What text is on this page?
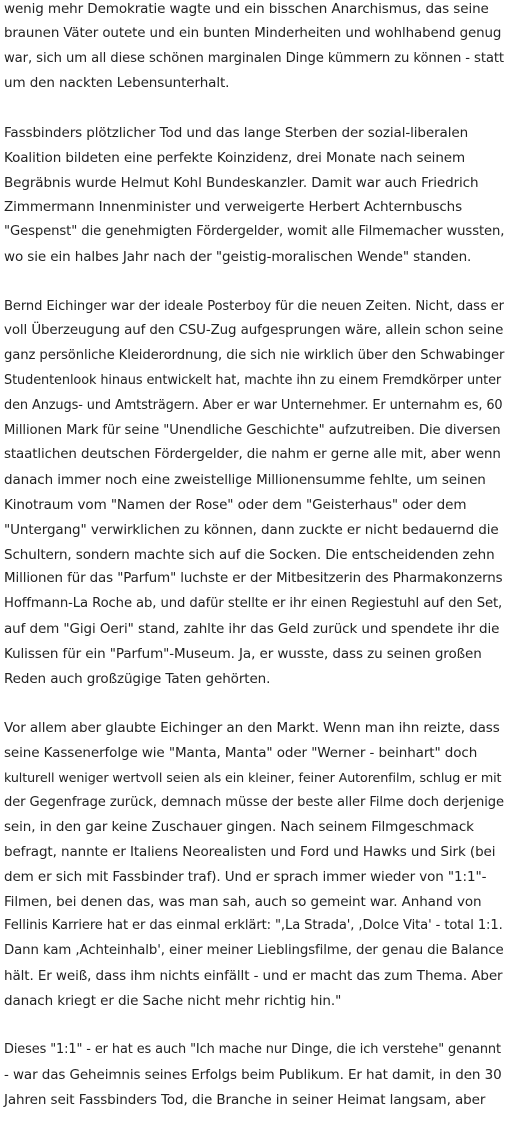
wenig mehr Demokratie wagte und ein bisschen Anarchismus, das seine
braunen Väter outete und ein bunten Minderheiten und wohlhabend genug
war, sich um all diese schönen marginalen Dinge kümmern zu können - statt
um den nackten Lebensunterhalt.

Fassbinders plötzlicher Tod und das lange Sterben der sozial-liberalen
Koalition bildeten eine perfekte Koinzidenz, drei Monate nach seinem
Begräbnis wurde Helmut Kohl Bundeskanzler. Damit war auch Friedrich
Zimmermann Innenminister und verweigerte Herbert Achternbuschs
"Gespenst" die genehmigten Fördergelder, womit alle Filmemacher wussten,
wo sie ein halbes Jahr nach der "geistig-moralischen Wende" standen.

Bernd Eichinger war der ideale Posterboy für die neuen Zeiten. Nicht, dass er
voll Überzeugung auf den CSU-Zug aufgesprungen wäre, allein schon seine
ganz persönliche Kleiderordnung, die sich nie wirklich über den Schwabinger
Studentenlook hinaus entwickelt hat, machte ihn zu einem Fremdkörper unter
den Anzugs- und Amtsträgern. Aber er war Unternehmer. Er unternahm es, 60
Millionen Mark für seine "Unendliche Geschichte" aufzutreiben. Die diversen
staatlichen deutschen Fördergelder, die nahm er gerne alle mit, aber wenn
danach immer noch eine zweistellige Millionensumme fehlte, um seinen
Kinotraum vom "Namen der Rose" oder dem "Geisterhaus" oder dem
"Untergang" verwirklichen zu können, dann zuckte er nicht bedauernd die
Schultern, sondern machte sich auf die Socken. Die entscheidenden zehn
Millionen für das "Parfum" luchste er der Mitbesitzerin des Pharmakonzerns
Hoffmann-La Roche ab, und dafür stellte er ihr einen Regiestuhl auf den Set,
auf dem "Gigi Oeri" stand, zahlte ihr das Geld zurück und spendete ihr die
Kulissen für ein "Parfum"-Museum. Ja, er wusste, dass zu seinen großen
Reden auch großzügige Taten gehörten.

Vor allem aber glaubte Eichinger an den Markt. Wenn man ihn reizte, dass
seine Kassenerfolge wie "Manta, Manta" oder "Werner - beinhart" doch
kulturell weniger wertvoll seien als ein kleiner, feiner Autorenfilm, schlug er mit
der Gegenfrage zurück, demnach müsse der beste aller Filme doch derjenige
sein, in den gar keine Zuschauer gingen. Nach seinem Filmgeschmack
befragt, nannte er Italiens Neorealisten und Ford und Hawks und Sirk (bei
dem er sich mit Fassbinder traf). Und er sprach immer wieder von "1:1"-
Filmen, bei denen das, was man sah, auch so gemeint war. Anhand von
Fellinis Karriere hat er das einmal erklärt: ",La Strada', ,Dolce Vita' - total 1:1.
Dann kam ,Achteinhalb', einer meiner Lieblingsfilme, der genau die Balance
hält. Er weiß, dass ihm nichts einfällt - und er macht das zum Thema. Aber
danach kriegt er die Sache nicht mehr richtig hin."

Dieses "1:1" - er hat es auch "Ich mache nur Dinge, die ich verstehe" genannt
- war das Geheimnis seines Erfolgs beim Publikum. Er hat damit, in den 30
Jahren seit Fassbinders Tod, die Branche in seiner Heimat langsam, aber
